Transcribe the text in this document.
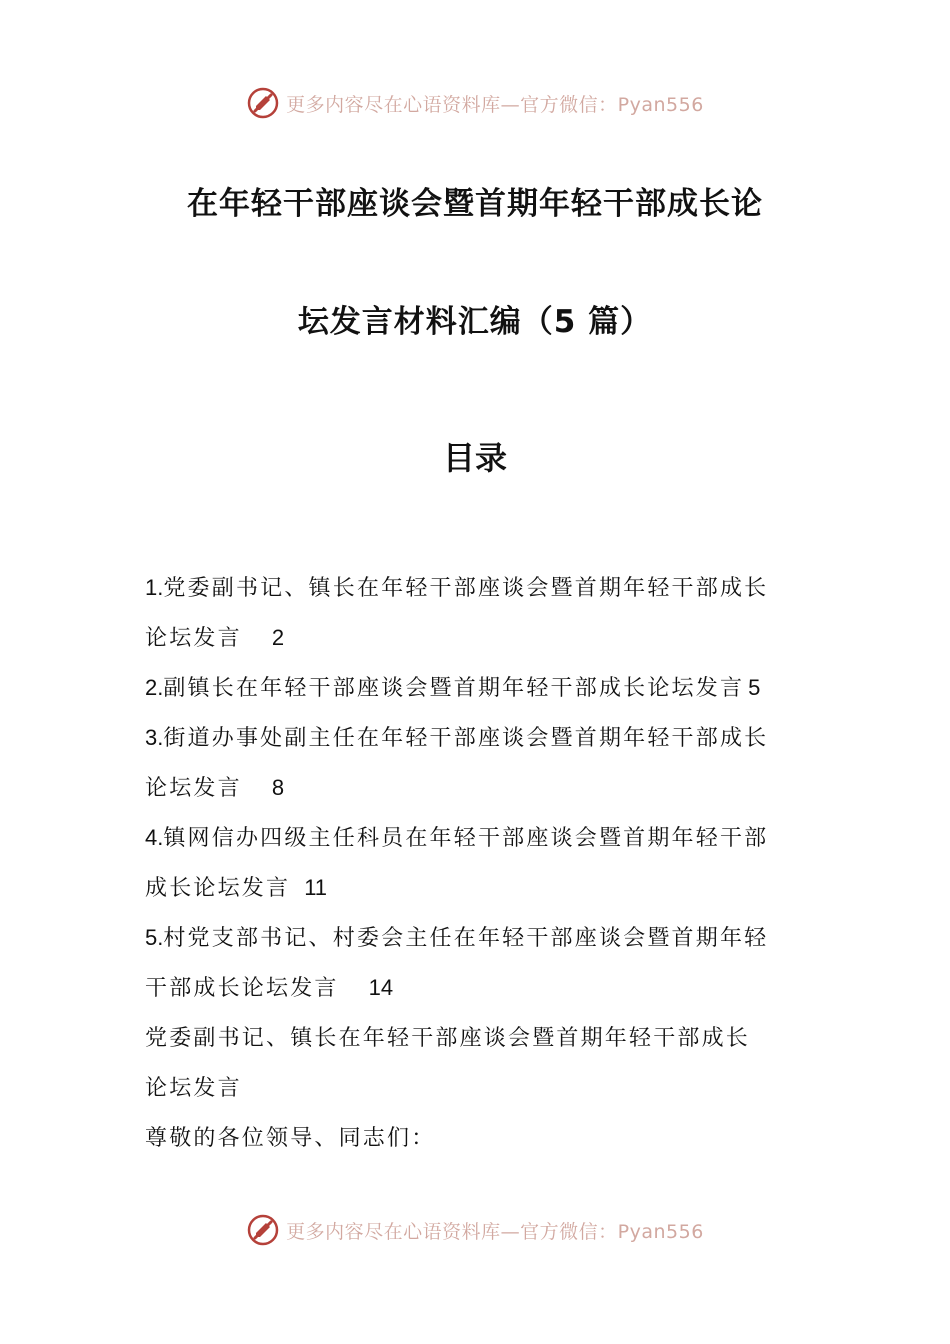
更多内容尽在心语资料库—官方微信：Pyan556
在年轻干部座谈会暨首期年轻干部成长论
坛发言材料汇编（5 篇）
目录
1.党委副书记、镇长在年轻干部座谈会暨首期年轻干部成长
论坛发言 2
2.副镇长在年轻干部座谈会暨首期年轻干部成长论坛发言 5
3.街道办事处副主任在年轻干部座谈会暨首期年轻干部成长
论坛发言 8
4.镇网信办四级主任科员在年轻干部座谈会暨首期年轻干部
成长论坛发言 11
5.村党支部书记、村委会主任在年轻干部座谈会暨首期年轻
干部成长论坛发言 14
党委副书记、镇长在年轻干部座谈会暨首期年轻干部成长
论坛发言
尊敬的各位领导、同志们：
更多内容尽在心语资料库—官方微信：Pyan556
